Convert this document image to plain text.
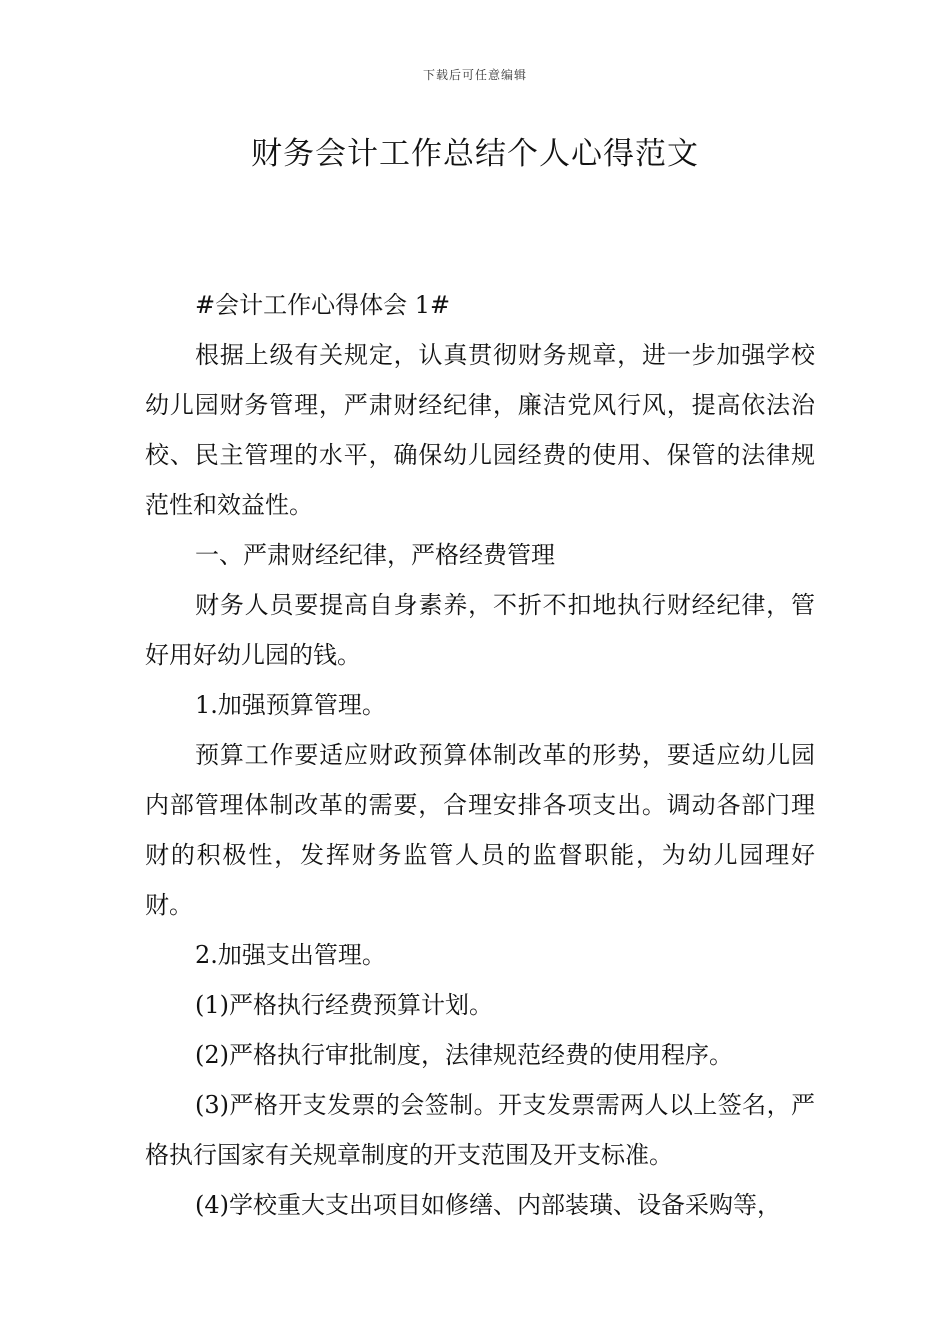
下载后可任意编辑
财务会计工作总结个人心得范文

#会计工作心得体会 1#

根据上级有关规定，认真贯彻财务规章，进一步加强学校幼儿园财务管理，严肃财经纪律，廉洁党风行风，提高依法治校、民主管理的水平，确保幼儿园经费的使用、保管的法律规范性和效益性。

一、严肃财经纪律，严格经费管理

财务人员要提高自身素养，不折不扣地执行财经纪律，管好用好幼儿园的钱。

1.加强预算管理。

预算工作要适应财政预算体制改革的形势，要适应幼儿园内部管理体制改革的需要，合理安排各项支出。调动各部门理财的积极性，发挥财务监管人员的监督职能，为幼儿园理好财。

2.加强支出管理。

(1)严格执行经费预算计划。

(2)严格执行审批制度，法律规范经费的使用程序。

(3)严格开支发票的会签制。开支发票需两人以上签名，严格执行国家有关规章制度的开支范围及开支标准。

(4)学校重大支出项目如修缮、内部装璜、设备采购等，
